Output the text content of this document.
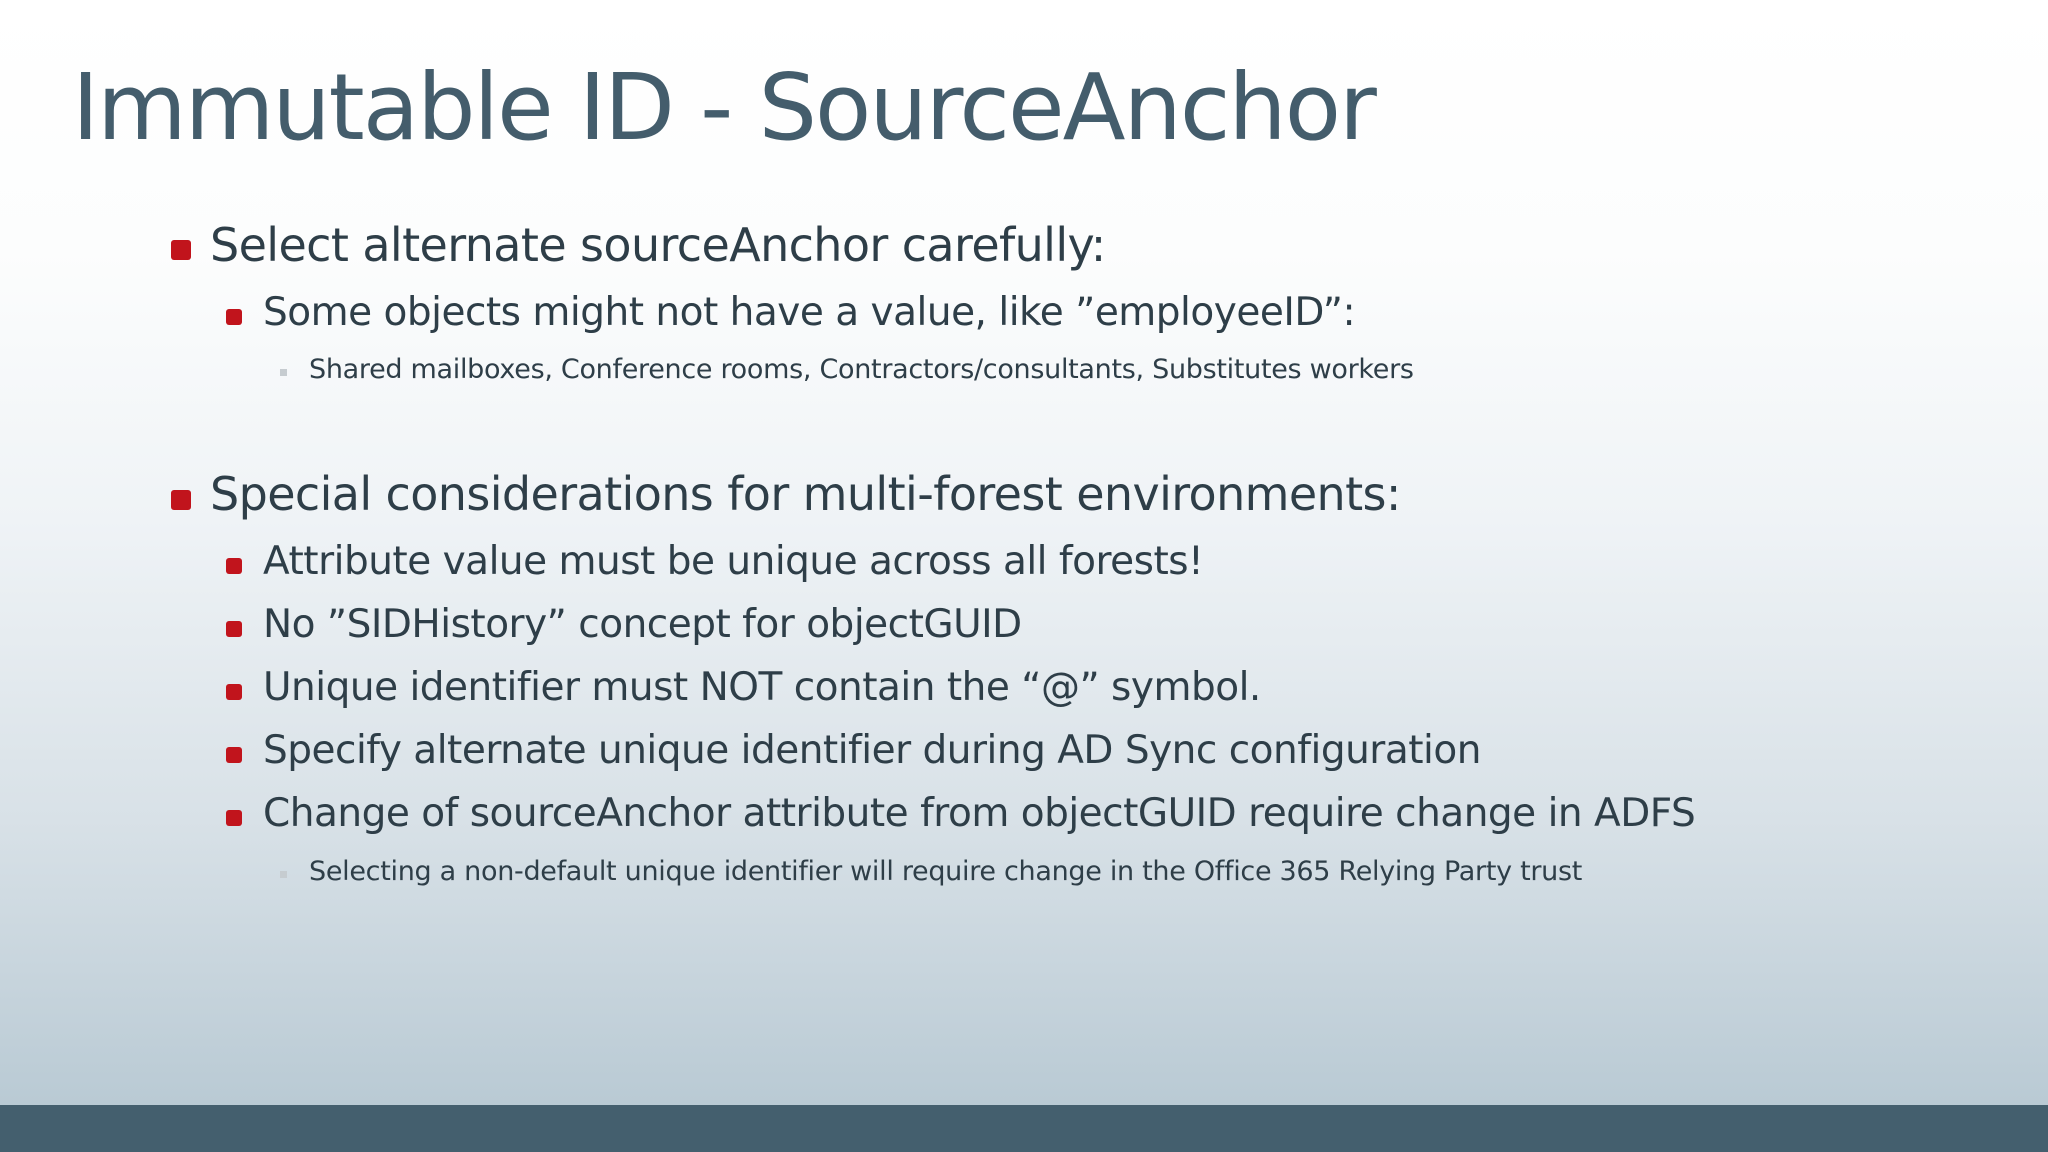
Immutable ID - SourceAnchor
Select alternate sourceAnchor carefully:
Some objects might not have a value, like ”employeeID”:
Shared mailboxes, Conference rooms, Contractors/consultants, Substitutes workers
Special considerations for multi-forest environments:
Attribute value must be unique across all forests!
No ”SIDHistory” concept for objectGUID
Unique identifier must NOT contain the “@” symbol.
Specify alternate unique identifier during AD Sync configuration
Change of sourceAnchor attribute from objectGUID require change in ADFS
Selecting a non-default unique identifier will require change in the Office 365 Relying Party trust
